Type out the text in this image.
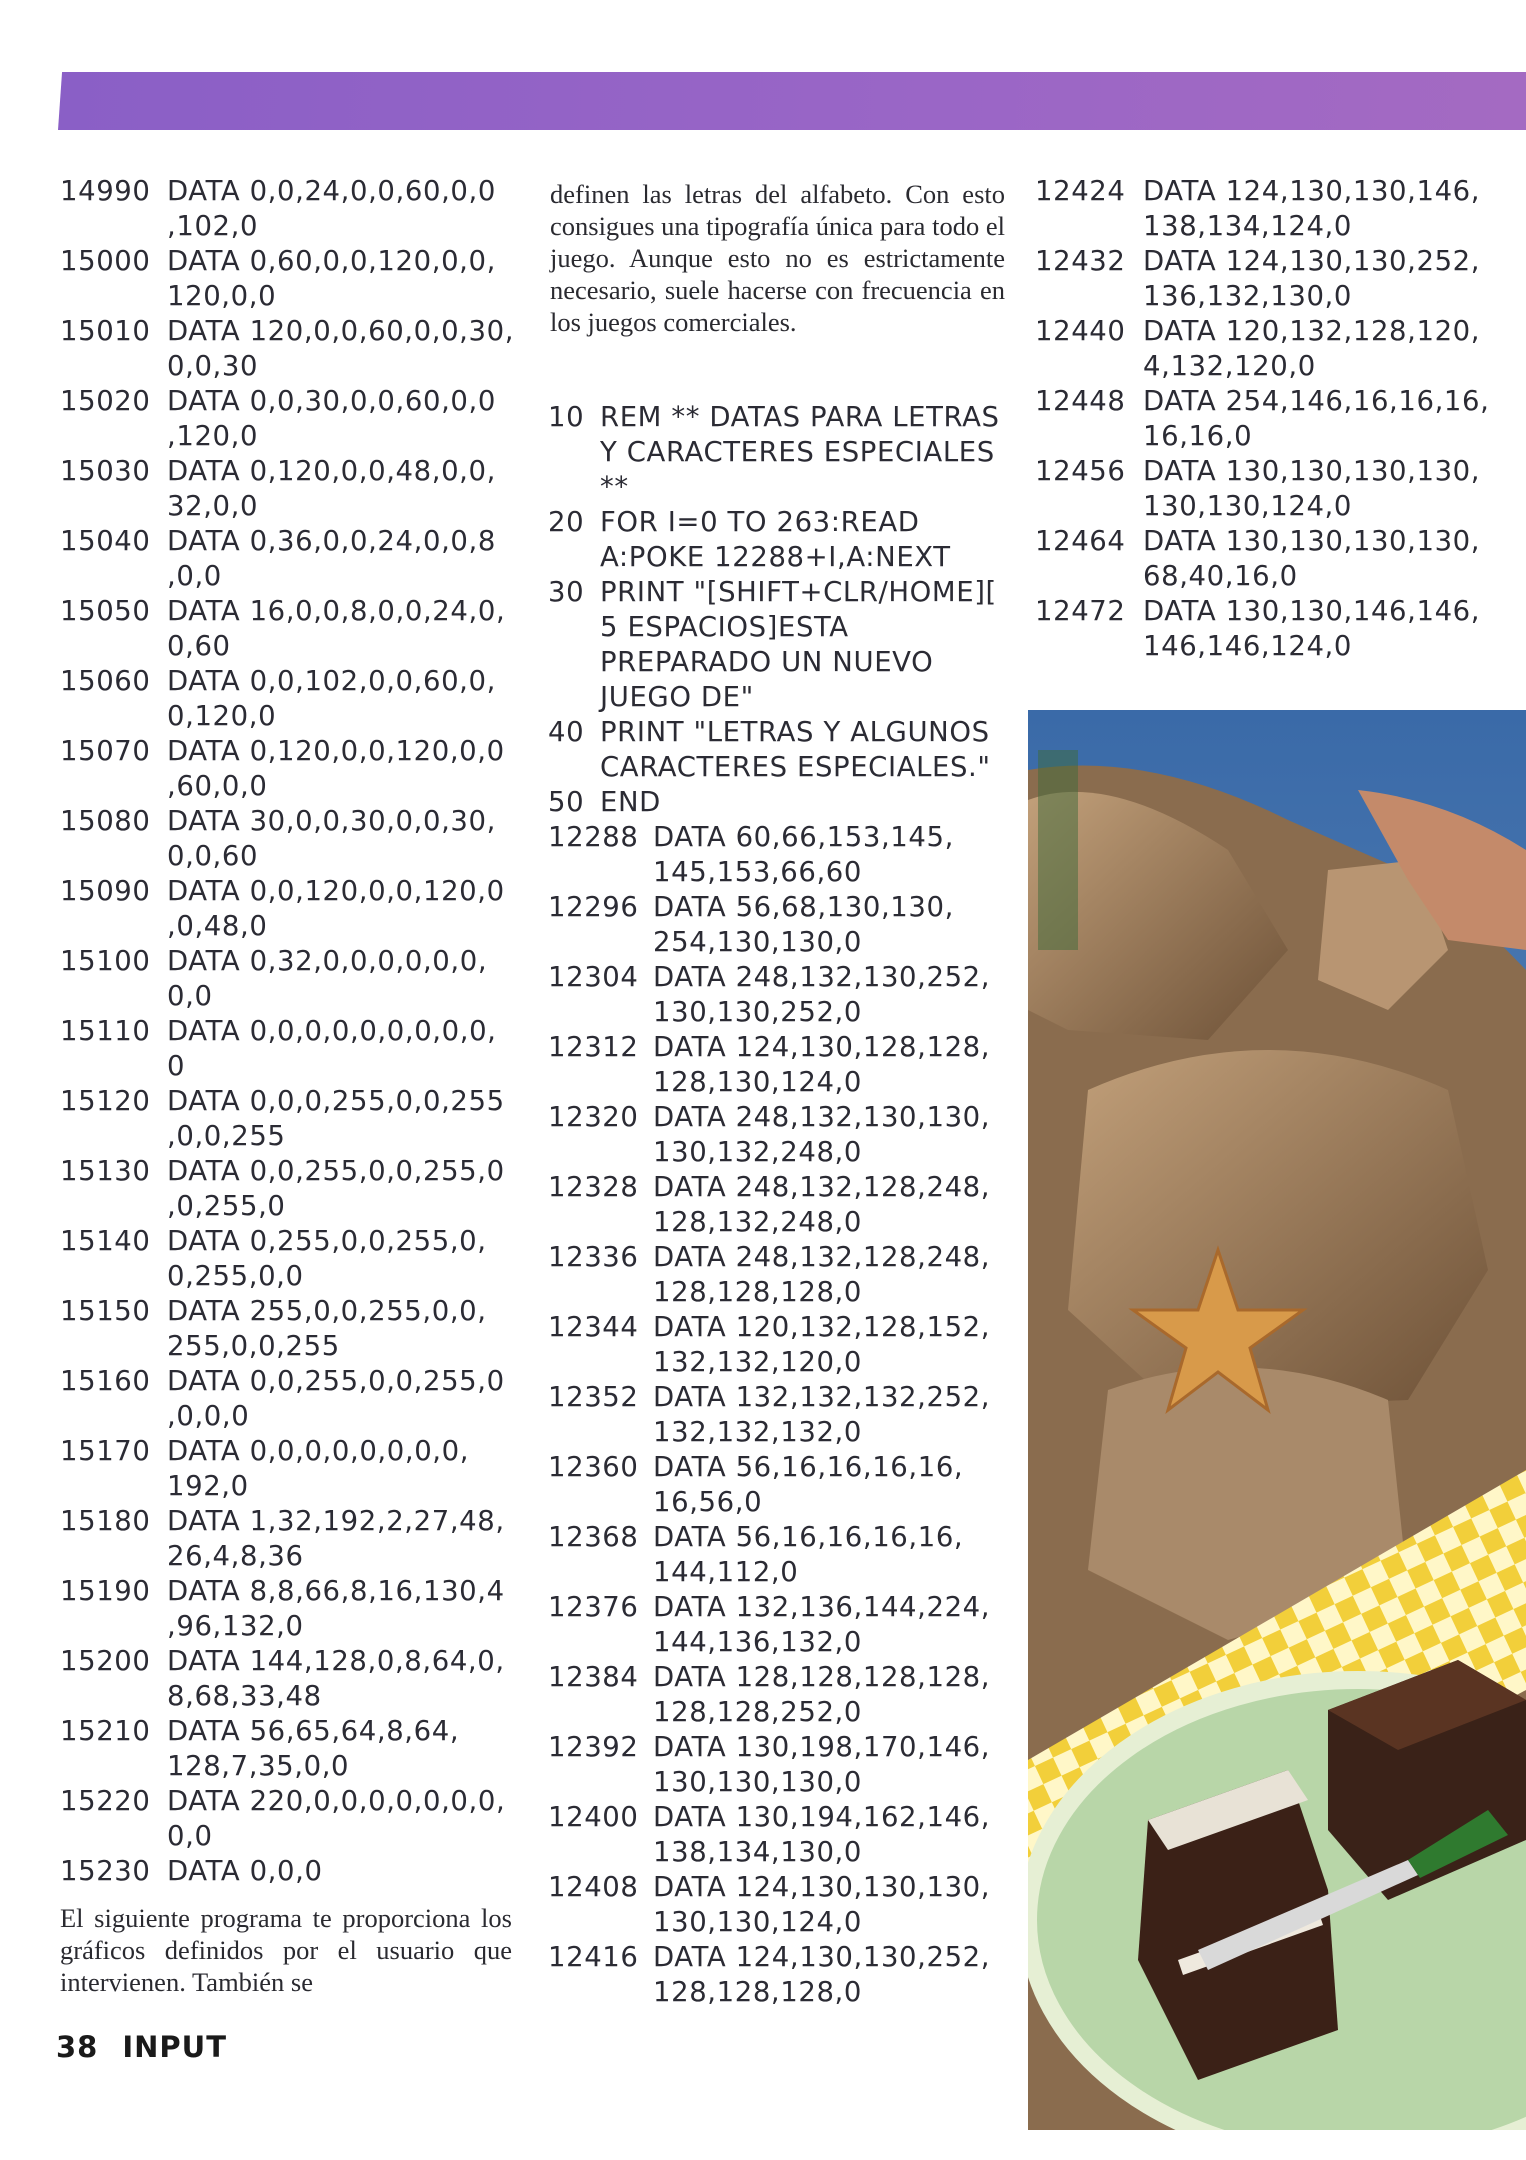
14990 DATA 0,0,24,0,0,60,0,0
,102,0
15000 DATA 0,60,0,0,120,0,0,
120,0,0
15010 DATA 120,0,0,60,0,0,30,
0,0,30
15020 DATA 0,0,30,0,0,60,0,0
,120,0
15030 DATA 0,120,0,0,48,0,0,
32,0,0
15040 DATA 0,36,0,0,24,0,0,8
,0,0
15050 DATA 16,0,0,8,0,0,24,0,
0,60
15060 DATA 0,0,102,0,0,60,0,
0,120,0
15070 DATA 0,120,0,0,120,0,0
,60,0,0
15080 DATA 30,0,0,30,0,0,30,
0,0,60
15090 DATA 0,0,120,0,0,120,0
,0,48,0
15100 DATA 0,32,0,0,0,0,0,0,
0,0
15110 DATA 0,0,0,0,0,0,0,0,0,
0
15120 DATA 0,0,0,255,0,0,255
,0,0,255
15130 DATA 0,0,255,0,0,255,0
,0,255,0
15140 DATA 0,255,0,0,255,0,
0,255,0,0
15150 DATA 255,0,0,255,0,0,
255,0,0,255
15160 DATA 0,0,255,0,0,255,0
,0,0,0
15170 DATA 0,0,0,0,0,0,0,0,
192,0
15180 DATA 1,32,192,2,27,48,
26,4,8,36
15190 DATA 8,8,66,8,16,130,4
,96,132,0
15200 DATA 144,128,0,8,64,0,
8,68,33,48
15210 DATA 56,65,64,8,64,
128,7,35,0,0
15220 DATA 220,0,0,0,0,0,0,0,
0,0
15230 DATA 0,0,0
El siguiente programa te proporciona los gráficos definidos por el usuario que intervienen. También se
definen las letras del alfabeto. Con esto consigues una tipografía única para todo el juego. Aunque esto no es estrictamente necesario, suele hacerse con frecuencia en los juegos comerciales.
10 REM ** DATAS PARA LETRAS
Y CARACTERES ESPECIALES
**
20 FOR I=0 TO 263:READ
A:POKE 12288+I,A:NEXT
30 PRINT "[SHIFT+CLR/HOME][
5 ESPACIOS]ESTA
PREPARADO UN NUEVO
JUEGO DE"
40 PRINT "LETRAS Y ALGUNOS
CARACTERES ESPECIALES."
50 END
12288 DATA 60,66,153,145,
145,153,66,60
12296 DATA 56,68,130,130,
254,130,130,0
12304 DATA 248,132,130,252,
130,130,252,0
12312 DATA 124,130,128,128,
128,130,124,0
12320 DATA 248,132,130,130,
130,132,248,0
12328 DATA 248,132,128,248,
128,132,248,0
12336 DATA 248,132,128,248,
128,128,128,0
12344 DATA 120,132,128,152,
132,132,120,0
12352 DATA 132,132,132,252,
132,132,132,0
12360 DATA 56,16,16,16,16,
16,56,0
12368 DATA 56,16,16,16,16,
144,112,0
12376 DATA 132,136,144,224,
144,136,132,0
12384 DATA 128,128,128,128,
128,128,252,0
12392 DATA 130,198,170,146,
130,130,130,0
12400 DATA 130,194,162,146,
138,134,130,0
12408 DATA 124,130,130,130,
130,130,124,0
12416 DATA 124,130,130,252,
128,128,128,0
12424 DATA 124,130,130,146,
138,134,124,0
12432 DATA 124,130,130,252,
136,132,130,0
12440 DATA 120,132,128,120,
4,132,120,0
12448 DATA 254,146,16,16,16,
16,16,0
12456 DATA 130,130,130,130,
130,130,124,0
12464 DATA 130,130,130,130,
68,40,16,0
12472 DATA 130,130,146,146,
146,146,124,0
38 INPUT
